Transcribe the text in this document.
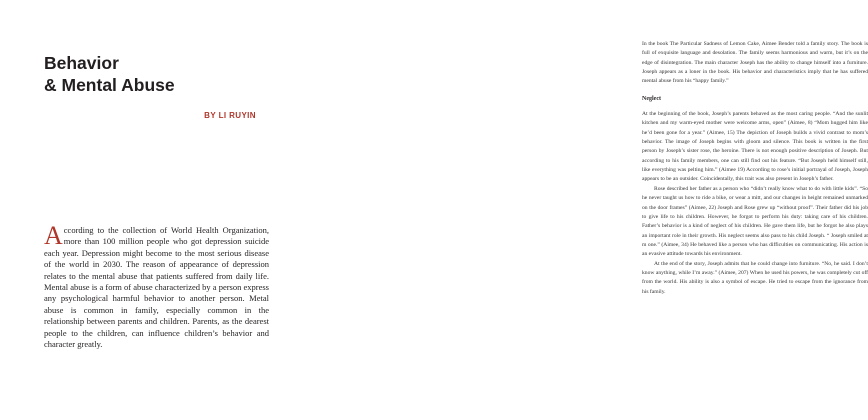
Behavior
& Mental Abuse

BY LI RUYIN

According to the collection of World Health Organization, more than 100 million people who got depression suicide each year. Depression might become to the most serious disease of the world in 2030. The reason of appearance of depression relates to the mental abuse that patients suffered from daily life. Mental abuse is a form of abuse characterized by a person express any psychological harmful behavior to another person. Metal abuse is common in family, especially common in the relationship between parents and children. Parents, as the dearest people to the children, can influence children’s behavior and character greatly.

In the book The Particular Sadness of Lemon Cake, Aimee Bender told a family story. The book is full of exquisite language and desolation. The family seems harmonious and warm, but it’s on the edge of disintegration. The main character Joseph has the ability to change himself into a furniture. Joseph appears as a loner in the book. His behavior and characteristics imply that he has suffered mental abuse from his “happy family.”

Neglect

At the beginning of the book, Joseph’s parents behaved as the most caring people. “And the sunlit kitchen and my warm-eyed mother were welcome arms, open” (Aimee, 8) “Mom hugged him like he’d been gone for a year.” (Aimee, 15) The depiction of Joseph builds a vivid contrast to mom’s behavior. The image of Joseph begins with gloom and silence. This book is written in the first person by Joseph’s sister rose, the heroine. There is not enough positive description of Joseph. But according to his family members, one can still find out his feature. “But Joseph held himself still, like everything was pelting him.” (Aimee 19) According to rose’s initial portrayal of Joseph, Joseph appears to be an outsider. Coincidentally, this trait was also present in Joseph’s father.

Rose described her father as a person who “didn’t really know what to do with little kids”. “So he never taught us how to ride a bike, or wear a mitt, and our changes in height remained unmarked on the door frames” (Aimee, 22) Joseph and Rose grew up “without proof”. Their father did his job to give life to his children. However, he forgot to perform his duty: taking care of his children. Father’s behavior is a kind of neglect of his children. He gave them life, but he forgot he also plays an important role in their growth. His neglect seems also pass to his child Joseph. “ Joseph smiled at m one.” (Aimee, 34) He behaved like a person who has difficulties on communicating. His action is an evasive attitude towards his environment.

At the end of the story, Joseph admits that he could change into furniture. “No, he said. I don’t know anything, while I’m away.” (Aimee, 207) When he used his powers, he was completely cut off from the world. His ability is also a symbol of escape. He tried to escape from the ignorance from his family.
